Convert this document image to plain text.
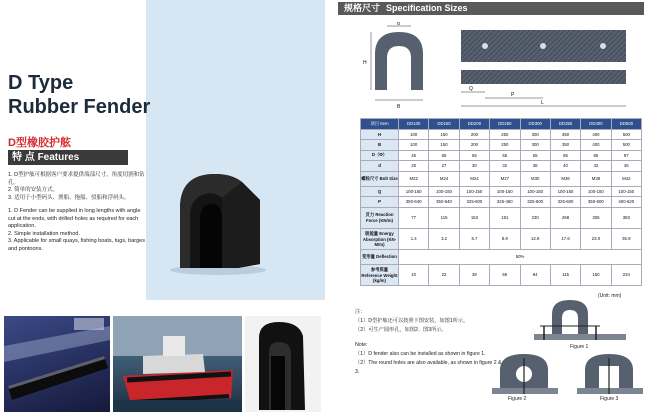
D Type
Rubber Fender
D型橡胶护舷
特 点 Features

1. D型护舷可根据客户要求提供端部尺寸，角度切割和钻孔。

2. 简单的安装方式。

3. 适用于小型码头、渔船、拖船、驳船和浮码头。

1. D Fender can be supplied in long lengths with angle cut at the ends, with drilled holes as required for each application.

2. Simple installation method.

3. Applicable for small quays, fishing boats, tugs, barges and pontoons.

规格尺寸 Specification Sizes
d
H
B
Q
P
L
项目 Item	DD100	DD150	DD200	DD250	DD300	DD350	DD400	DD500
H	100	150	200	250	300	350	400	500
B	100	150	200	250	300	350	400	500
D（Φ）	45	55	65	65	65	85	85	97
d	25	27	30	32	36	40	42	45
螺栓尺寸 Bolt Size	M22	M24	M24	M27	M30	M36	M38	M42
Q	100-150	100-150	100-150	100-150	100-150	100-150	100-150	100-150
P	350-640	350-640	325-600	325-450	325-600	325-600	350-600	400-620
反力 Reaction Force (KN/m)	77	115	153	191	230	268	306	383
吸能量 Energy Absorption (KN-M/m)	1.4	3.2	5.7	8.9	12.9	17.6	23.0	35.9
变形量 Deflection	50%							
参考质量 Reference Weight (kg/m)	10	22	38	59	84	115	150	234
(Unit: mm)

注：

（1）D型护舷还可以按照下图安装，如图1所示。

（2）可生产圆形孔，如图2、图3所示。

Note:

（1）D fender also can be installed as shown in figure 1.

（2）The round holes are also available, as shown in figure 2 & 3.

Figure 1
Figure 2	Figure 3
